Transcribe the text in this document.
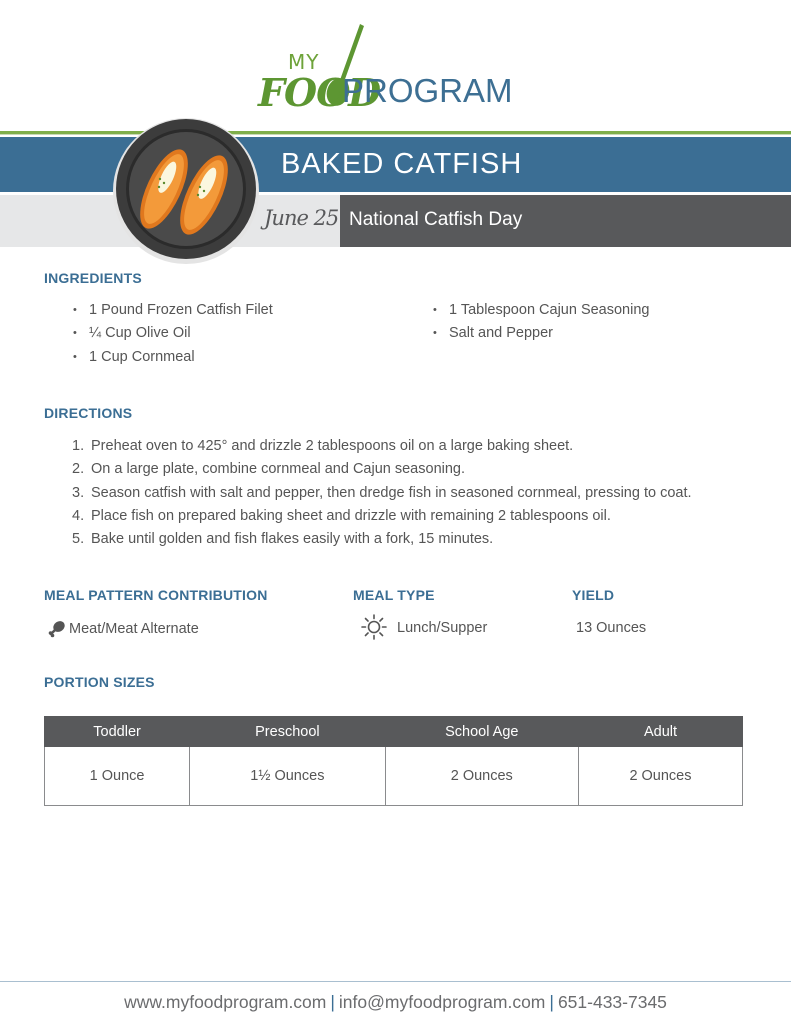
MY
FOOD
PROGRAM
BAKED CATFISH
June 25 National Catfish Day
INGREDIENTS
• 1 Pound Frozen Catfish Filet
• ¼ Cup Olive Oil
• 1 Cup Cornmeal
• 1 Tablespoon Cajun Seasoning
• Salt and Pepper
DIRECTIONS
1. Preheat oven to 425° and drizzle 2 tablespoons oil on a large baking sheet.
2. On a large plate, combine cornmeal and Cajun seasoning.
3. Season catfish with salt and pepper, then dredge fish in seasoned cornmeal, pressing to coat.
4. Place fish on prepared baking sheet and drizzle with remaining 2 tablespoons oil.
5. Bake until golden and fish flakes easily with a fork, 15 minutes.
MEAL PATTERN CONTRIBUTION
Meat/Meat Alternate
MEAL TYPE
Lunch/Supper
YIELD
13 Ounces
PORTION SIZES
Toddler	Preschool	School Age	Adult
1 Ounce	1½ Ounces	2 Ounces	2 Ounces
www.myfoodprogram.com | info@myfoodprogram.com | 651-433-7345
